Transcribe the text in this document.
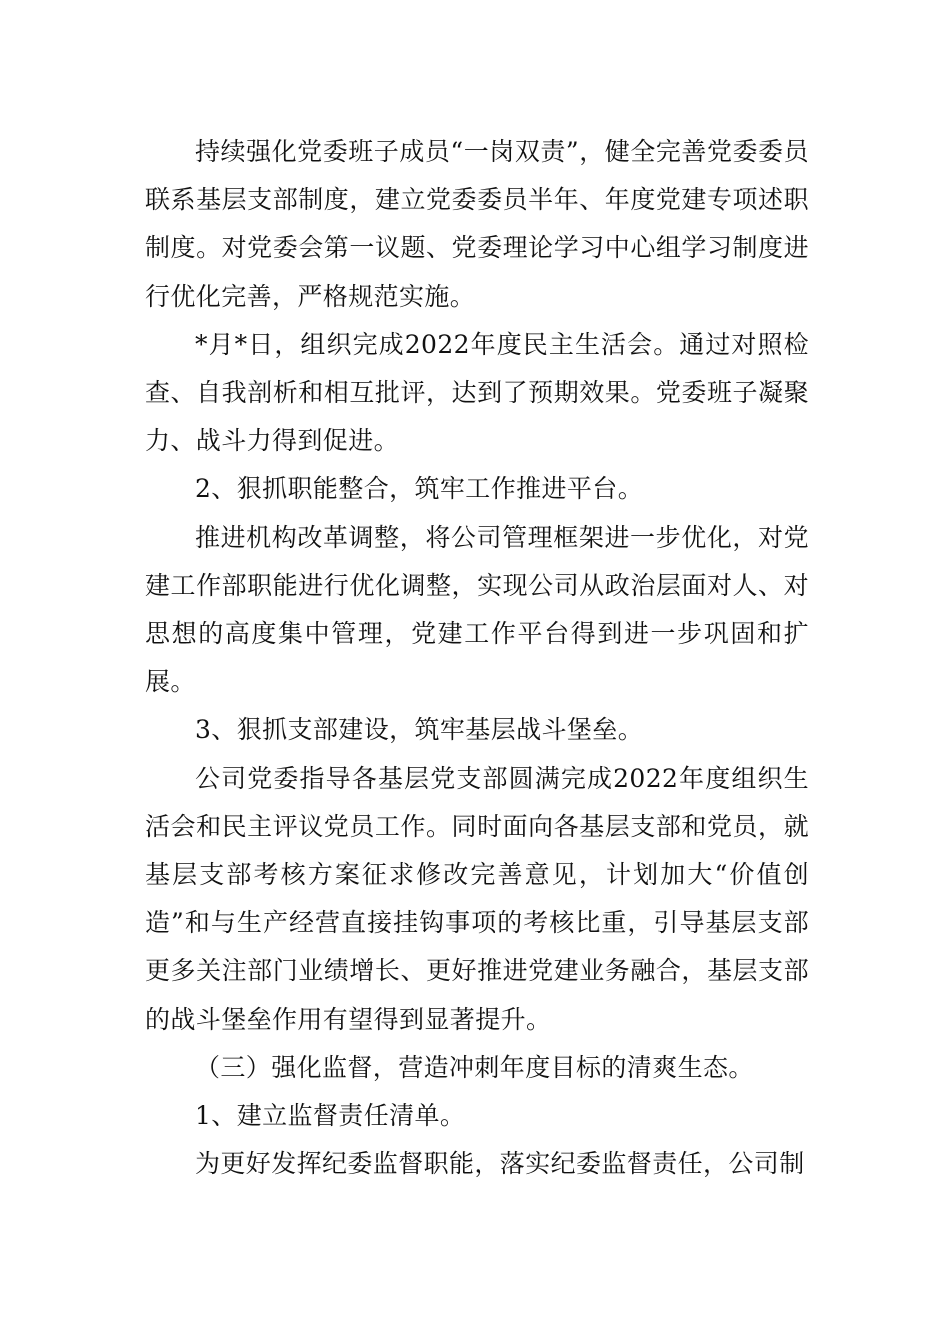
持续强化党委班子成员“一岗双责”，健全完善党委委员联系基层支部制度，建立党委委员半年、年度党建专项述职制度。对党委会第一议题、党委理论学习中心组学习制度进行优化完善，严格规范实施。

*月*日，组织完成2022年度民主生活会。通过对照检查、自我剖析和相互批评，达到了预期效果。党委班子凝聚力、战斗力得到促进。

2、狠抓职能整合，筑牢工作推进平台。

推进机构改革调整，将公司管理框架进一步优化，对党建工作部职能进行优化调整，实现公司从政治层面对人、对思想的高度集中管理，党建工作平台得到进一步巩固和扩展。

3、狠抓支部建设，筑牢基层战斗堡垒。

公司党委指导各基层党支部圆满完成2022年度组织生活会和民主评议党员工作。同时面向各基层支部和党员，就基层支部考核方案征求修改完善意见，计划加大“价值创造”和与生产经营直接挂钩事项的考核比重，引导基层支部更多关注部门业绩增长、更好推进党建业务融合，基层支部的战斗堡垒作用有望得到显著提升。

（三）强化监督，营造冲刺年度目标的清爽生态。

1、建立监督责任清单。

为更好发挥纪委监督职能，落实纪委监督责任，公司制
